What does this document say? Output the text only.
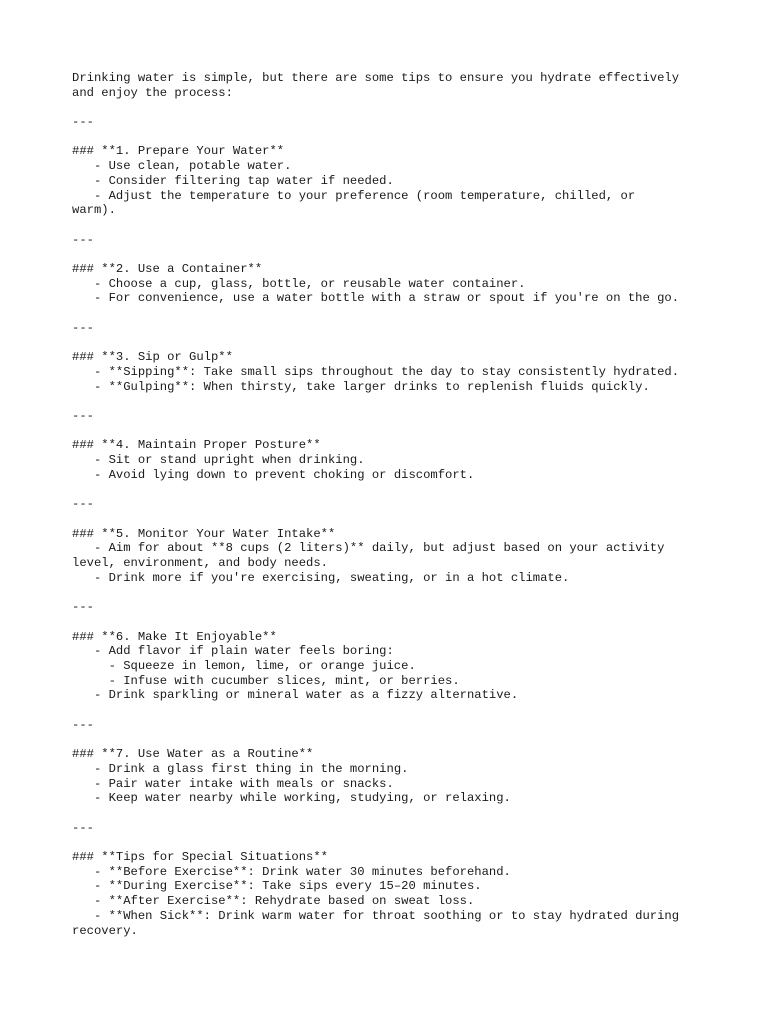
Drinking water is simple, but there are some tips to ensure you hydrate effectively
and enjoy the process:
---
### **1. Prepare Your Water**
- Use clean, potable water.
- Consider filtering tap water if needed.
- Adjust the temperature to your preference (room temperature, chilled, or
warm).
---
### **2. Use a Container**
- Choose a cup, glass, bottle, or reusable water container.
- For convenience, use a water bottle with a straw or spout if you're on the go.
---
### **3. Sip or Gulp**
- **Sipping**: Take small sips throughout the day to stay consistently hydrated.
- **Gulping**: When thirsty, take larger drinks to replenish fluids quickly.
---
### **4. Maintain Proper Posture**
- Sit or stand upright when drinking.
- Avoid lying down to prevent choking or discomfort.
---
### **5. Monitor Your Water Intake**
- Aim for about **8 cups (2 liters)** daily, but adjust based on your activity
level, environment, and body needs.
- Drink more if you're exercising, sweating, or in a hot climate.
---
### **6. Make It Enjoyable**
- Add flavor if plain water feels boring:
- Squeeze in lemon, lime, or orange juice.
- Infuse with cucumber slices, mint, or berries.
- Drink sparkling or mineral water as a fizzy alternative.
---
### **7. Use Water as a Routine**
- Drink a glass first thing in the morning.
- Pair water intake with meals or snacks.
- Keep water nearby while working, studying, or relaxing.
---
### **Tips for Special Situations**
- **Before Exercise**: Drink water 30 minutes beforehand.
- **During Exercise**: Take sips every 15–20 minutes.
- **After Exercise**: Rehydrate based on sweat loss.
- **When Sick**: Drink warm water for throat soothing or to stay hydrated during
recovery.
